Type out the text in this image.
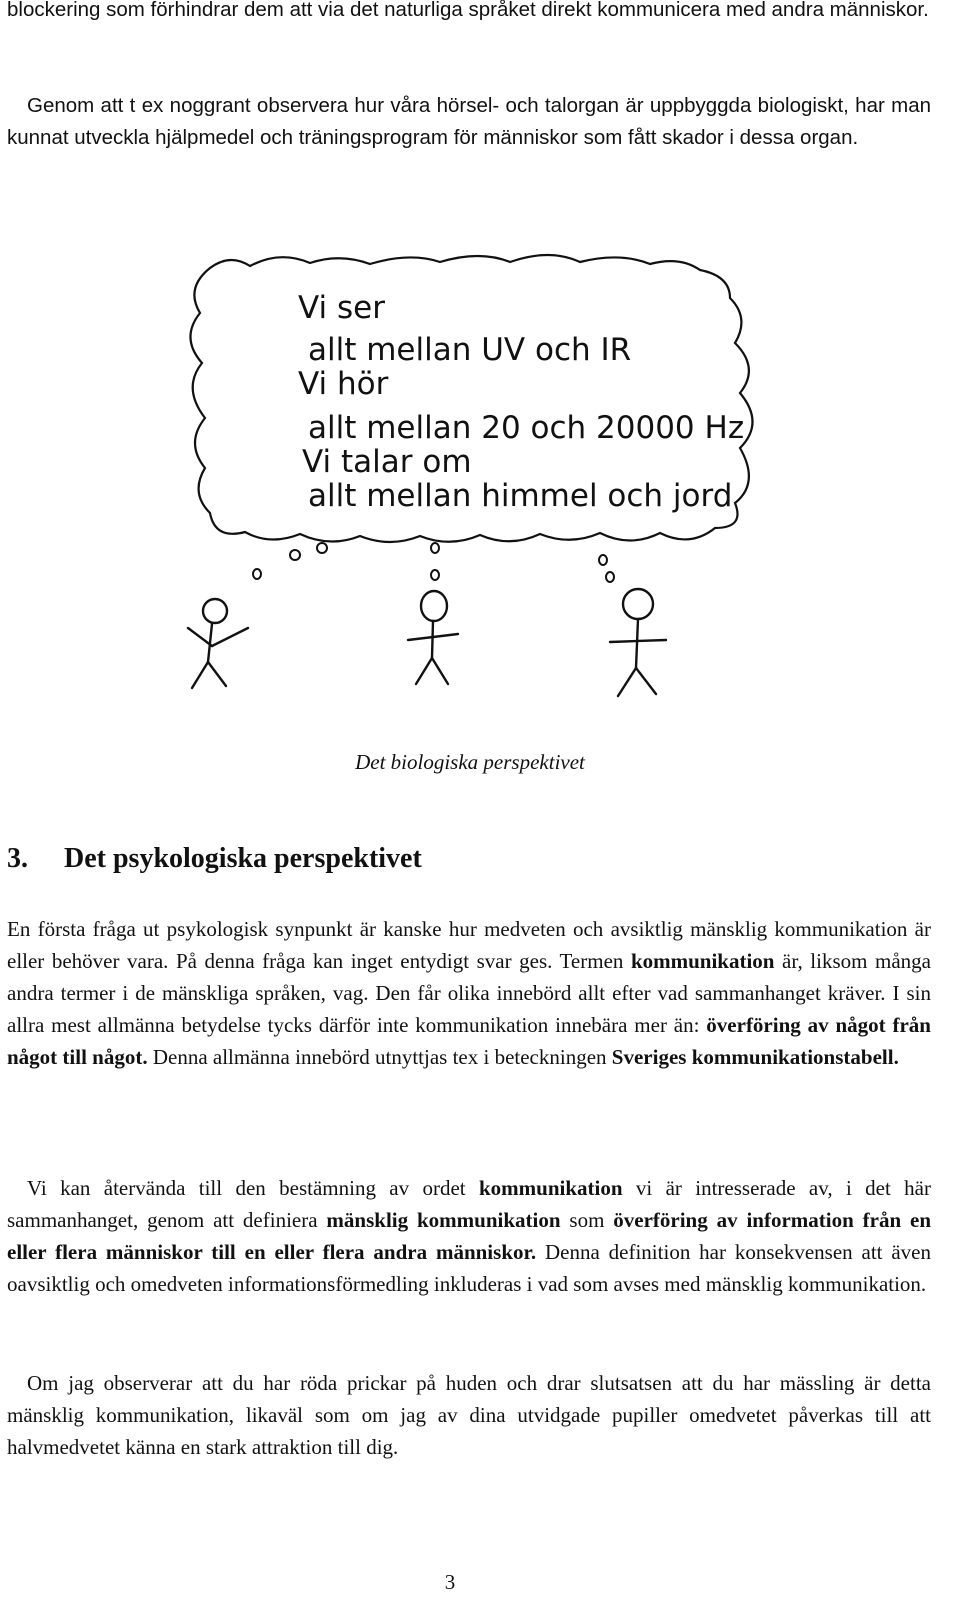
blockering som förhindrar dem att via det naturliga språket direkt kommunicera med andra människor.

Genom att t ex noggrant observera hur våra hörsel- och talorgan är uppbyggda biologiskt, har man kunnat utveckla hjälpmedel och träningsprogram för människor som fått skador i dessa organ.

Vi ser
allt mellan UV och IR
Vi hör
allt mellan 20 och 20000 Hz
Vi talar om
allt mellan himmel och jord
Det biologiska perspektivet
3. Det psykologiska perspektivet

En första fråga ut psykologisk synpunkt är kanske hur medveten och avsiktlig mänsklig kommunikation är eller behöver vara. På denna fråga kan inget entydigt svar ges. Termen kommunikation är, liksom många andra termer i de mänskliga språken, vag. Den får olika innebörd allt efter vad sammanhanget kräver. I sin allra mest allmänna betydelse tycks därför inte kommunikation innebära mer än: överföring av något från något till något. Denna allmänna innebörd utnyttjas tex i beteckningen Sveriges kommunikationstabell.

Vi kan återvända till den bestämning av ordet kommunikation vi är intresserade av, i det här sammanhanget, genom att definiera mänsklig kommunikation som överföring av information från en eller flera människor till en eller flera andra människor. Denna definition har konsekvensen att även oavsiktlig och omedveten informationsförmedling inkluderas i vad som avses med mänsklig kommunikation.

Om jag observerar att du har röda prickar på huden och drar slutsatsen att du har mässling är detta mänsklig kommunikation, likaväl som om jag av dina utvidgade pupiller omedvetet påverkas till att halvmedvetet känna en stark attraktion till dig.

3
